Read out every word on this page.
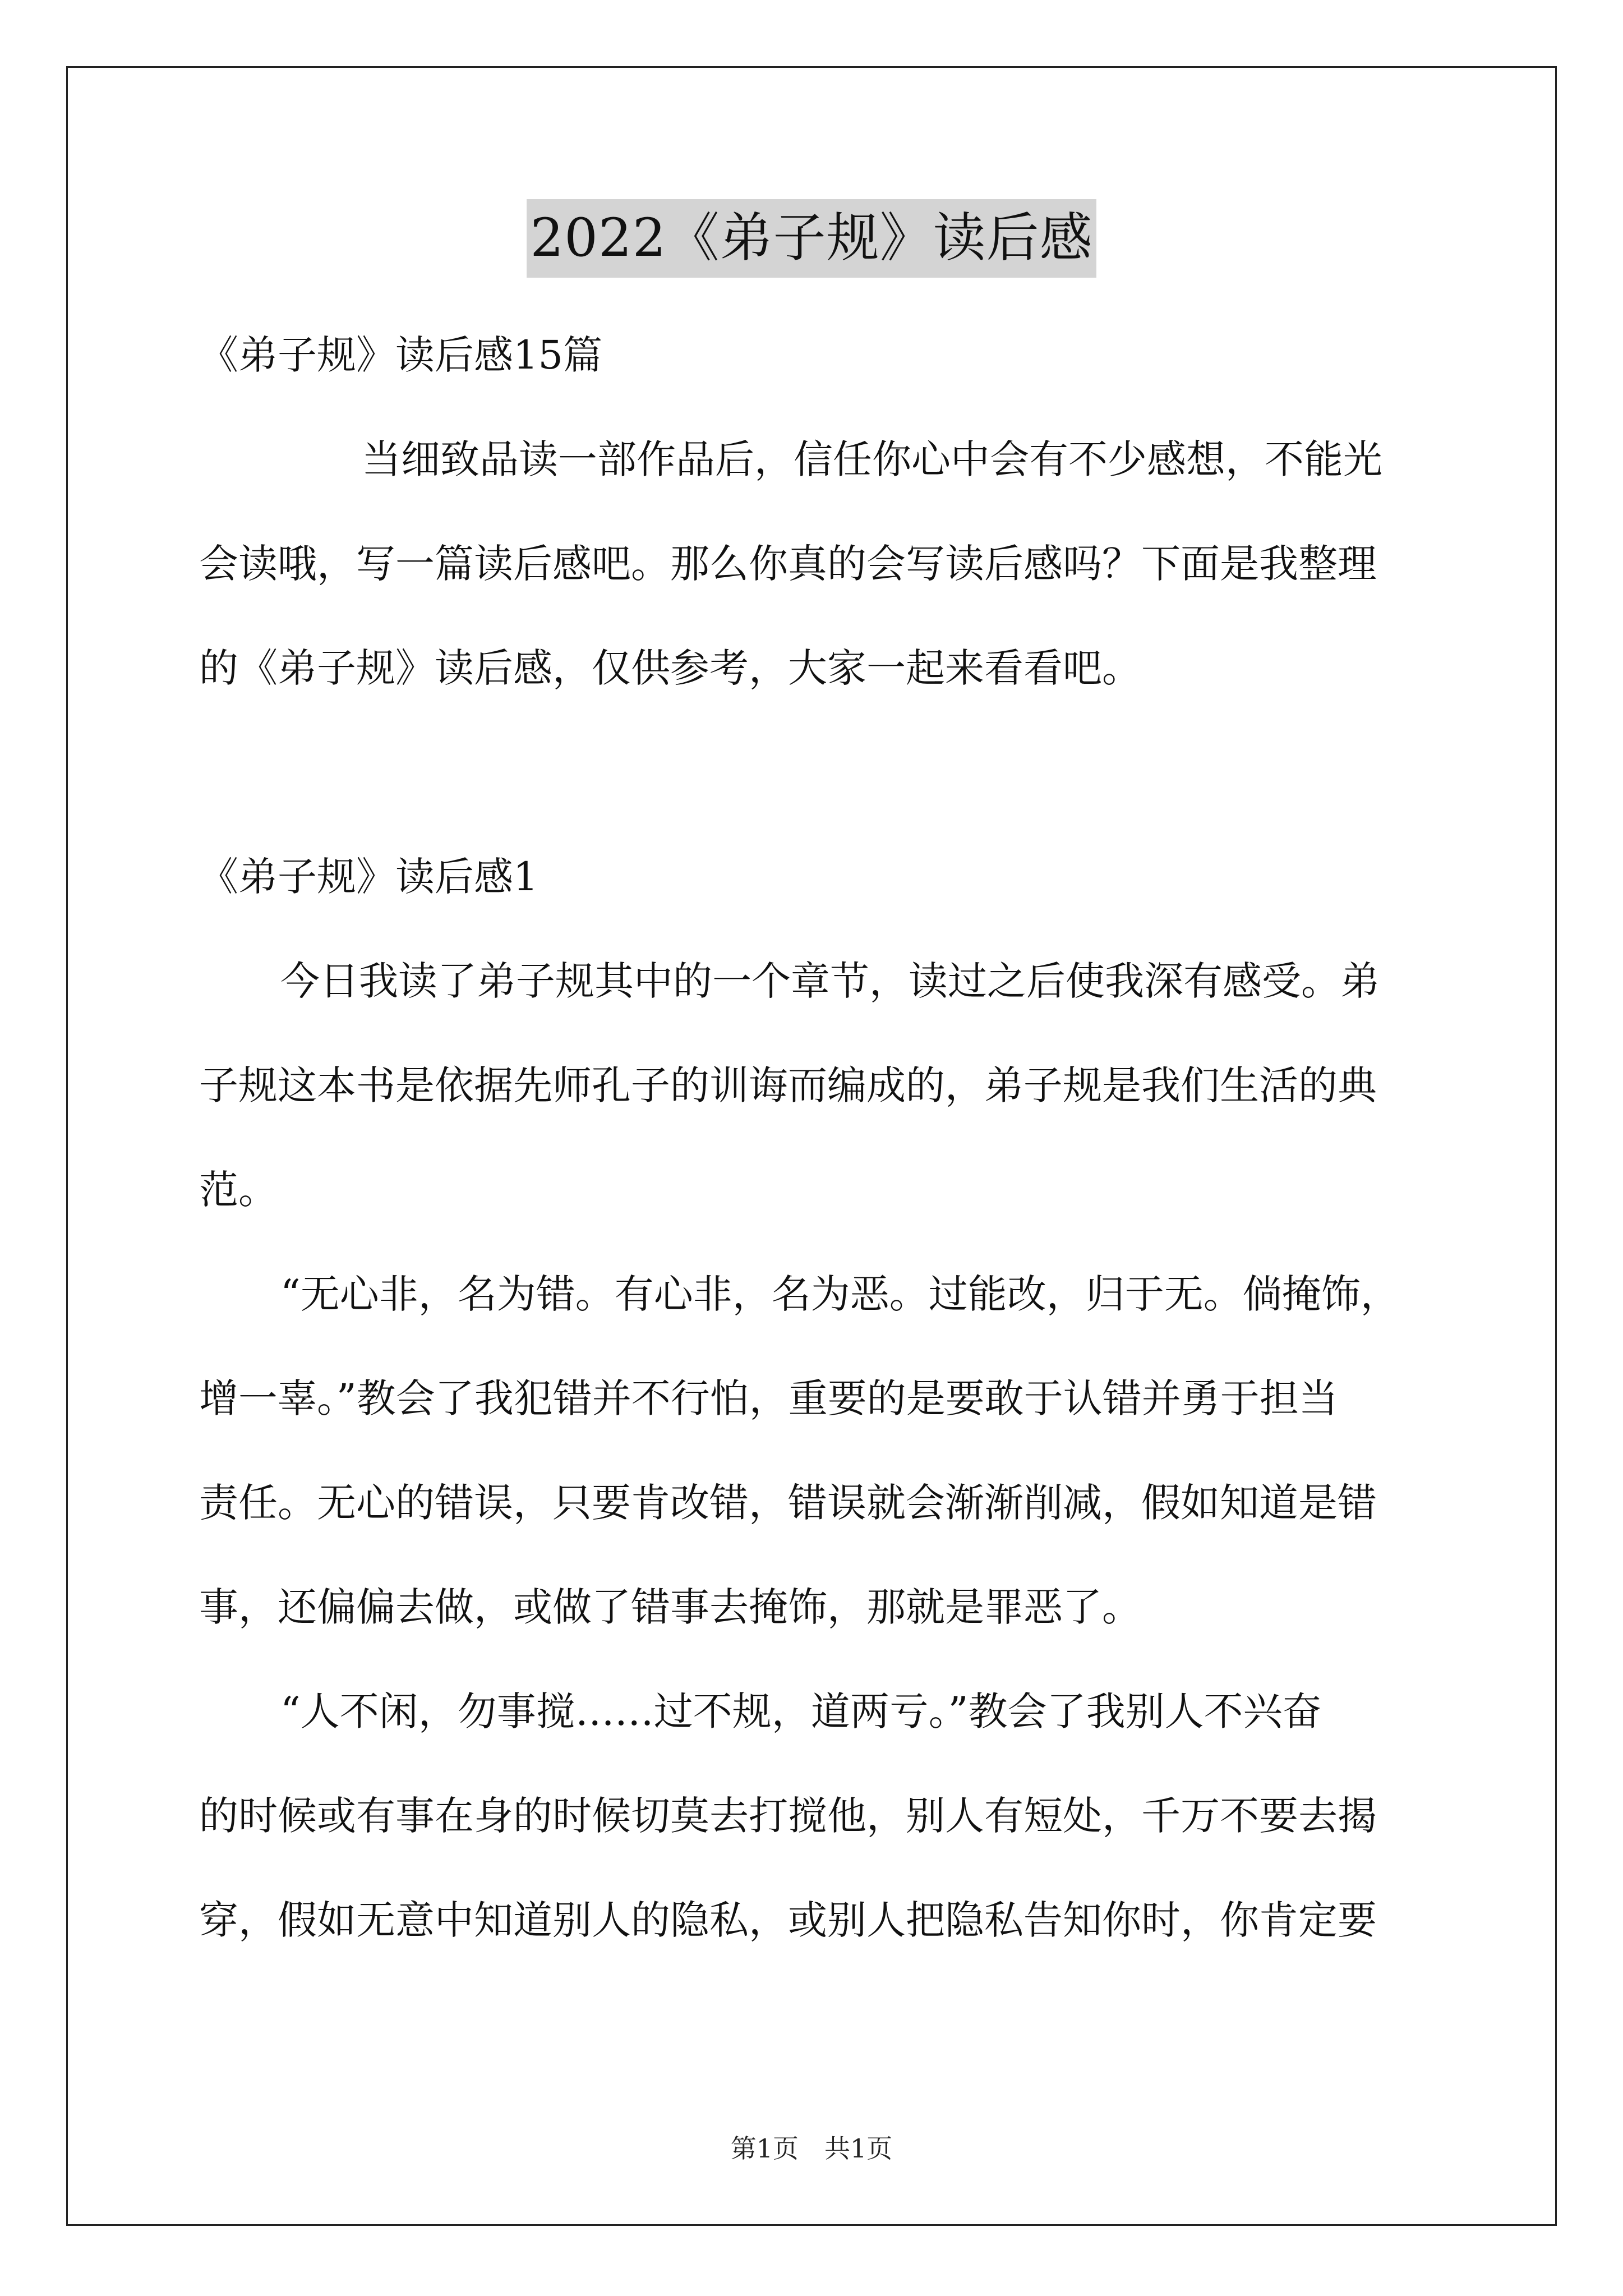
2022《弟子规》读后感
《弟子规》读后感15篇
当细致品读一部作品后，信任你心中会有不少感想，不能光
会读哦，写一篇读后感吧。那么你真的会写读后感吗？下面是我整理
的《弟子规》读后感，仅供参考，大家一起来看看吧。
《弟子规》读后感1
今日我读了弟子规其中的一个章节，读过之后使我深有感受。弟
子规这本书是依据先师孔子的训诲而编成的，弟子规是我们生活的典
范。
“无心非，名为错。有心非，名为恶。过能改，归于无。倘掩饰，
增一辜。”教会了我犯错并不行怕，重要的是要敢于认错并勇于担当
责任。无心的错误，只要肯改错，错误就会渐渐削减，假如知道是错
事，还偏偏去做，或做了错事去掩饰，那就是罪恶了。
“人不闲，勿事搅……过不规，道两亏。”教会了我别人不兴奋
的时候或有事在身的时候切莫去打搅他，别人有短处，千万不要去揭
穿，假如无意中知道别人的隐私，或别人把隐私告知你时，你肯定要
第1页　共1页
